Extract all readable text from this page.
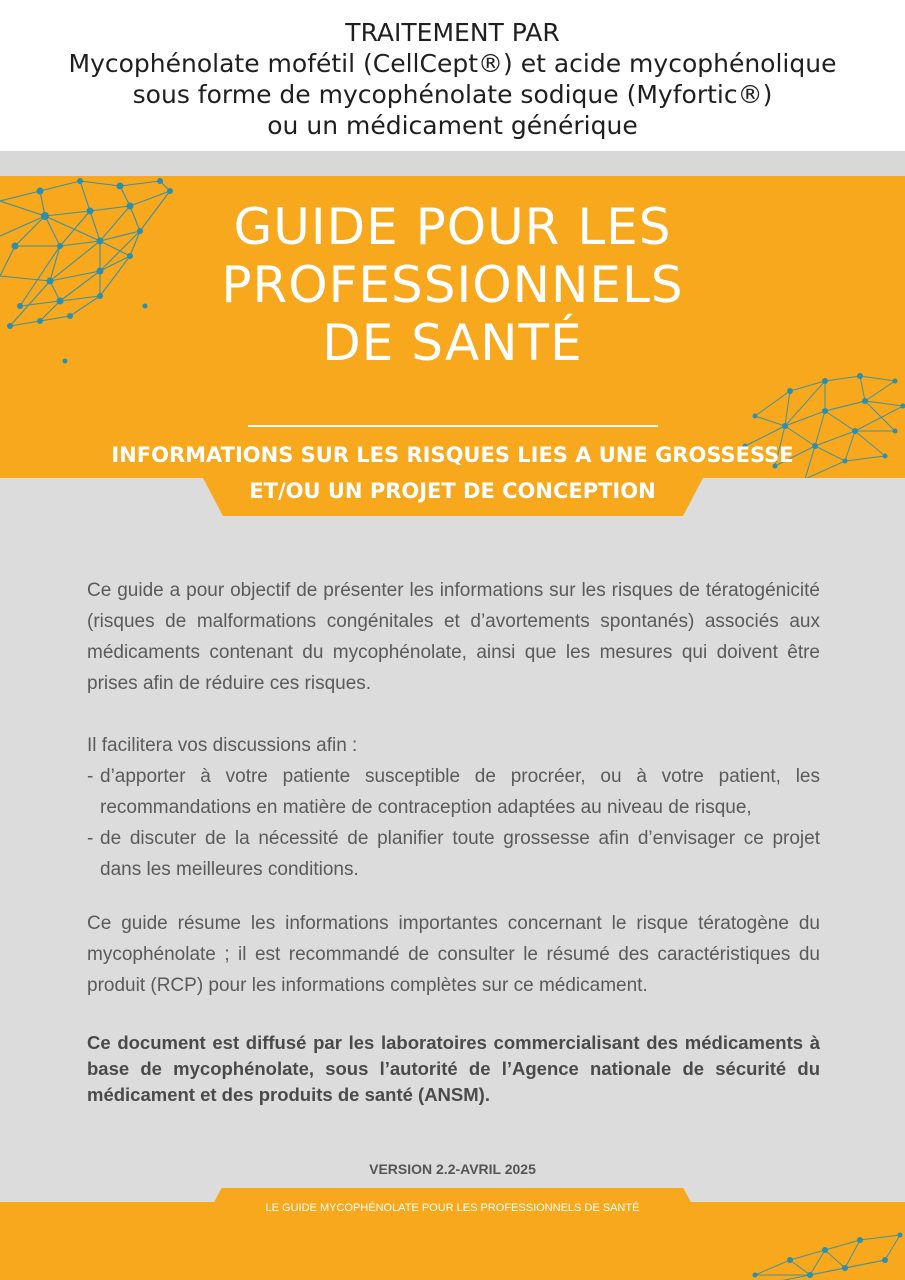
TRAITEMENT PAR
Mycophénolate mofétil (CellCept®) et acide mycophénolique
sous forme de mycophénolate sodique (Myfortic®)
ou un médicament générique
GUIDE POUR LES
PROFESSIONNELS
DE SANTÉ
INFORMATIONS SUR LES RISQUES LIES A UNE GROSSESSE
ET/OU UN PROJET DE CONCEPTION
Ce guide a pour objectif de présenter les informations sur les risques de tératogénicité (risques de malformations congénitales et d’avortements spontanés) associés aux médicaments contenant du mycophénolate, ainsi que les mesures qui doivent être prises afin de réduire ces risques.
Il facilitera vos discussions afin :
- d’apporter à votre patiente susceptible de procréer, ou à votre patient, les recommandations en matière de contraception adaptées au niveau de risque,
- de discuter de la nécessité de planifier toute grossesse afin d’envisager ce projet dans les meilleures conditions.
Ce guide résume les informations importantes concernant le risque tératogène du mycophénolate ; il est recommandé de consulter le résumé des caractéristiques du produit (RCP) pour les informations complètes sur ce médicament.
Ce document est diffusé par les laboratoires commercialisant des médicaments à base de mycophénolate, sous l’autorité de l’Agence nationale de sécurité du médicament et des produits de santé (ANSM).
VERSION 2.2-AVRIL 2025
LE GUIDE MYCOPHÉNOLATE POUR LES PROFESSIONNELS DE SANTÉ
